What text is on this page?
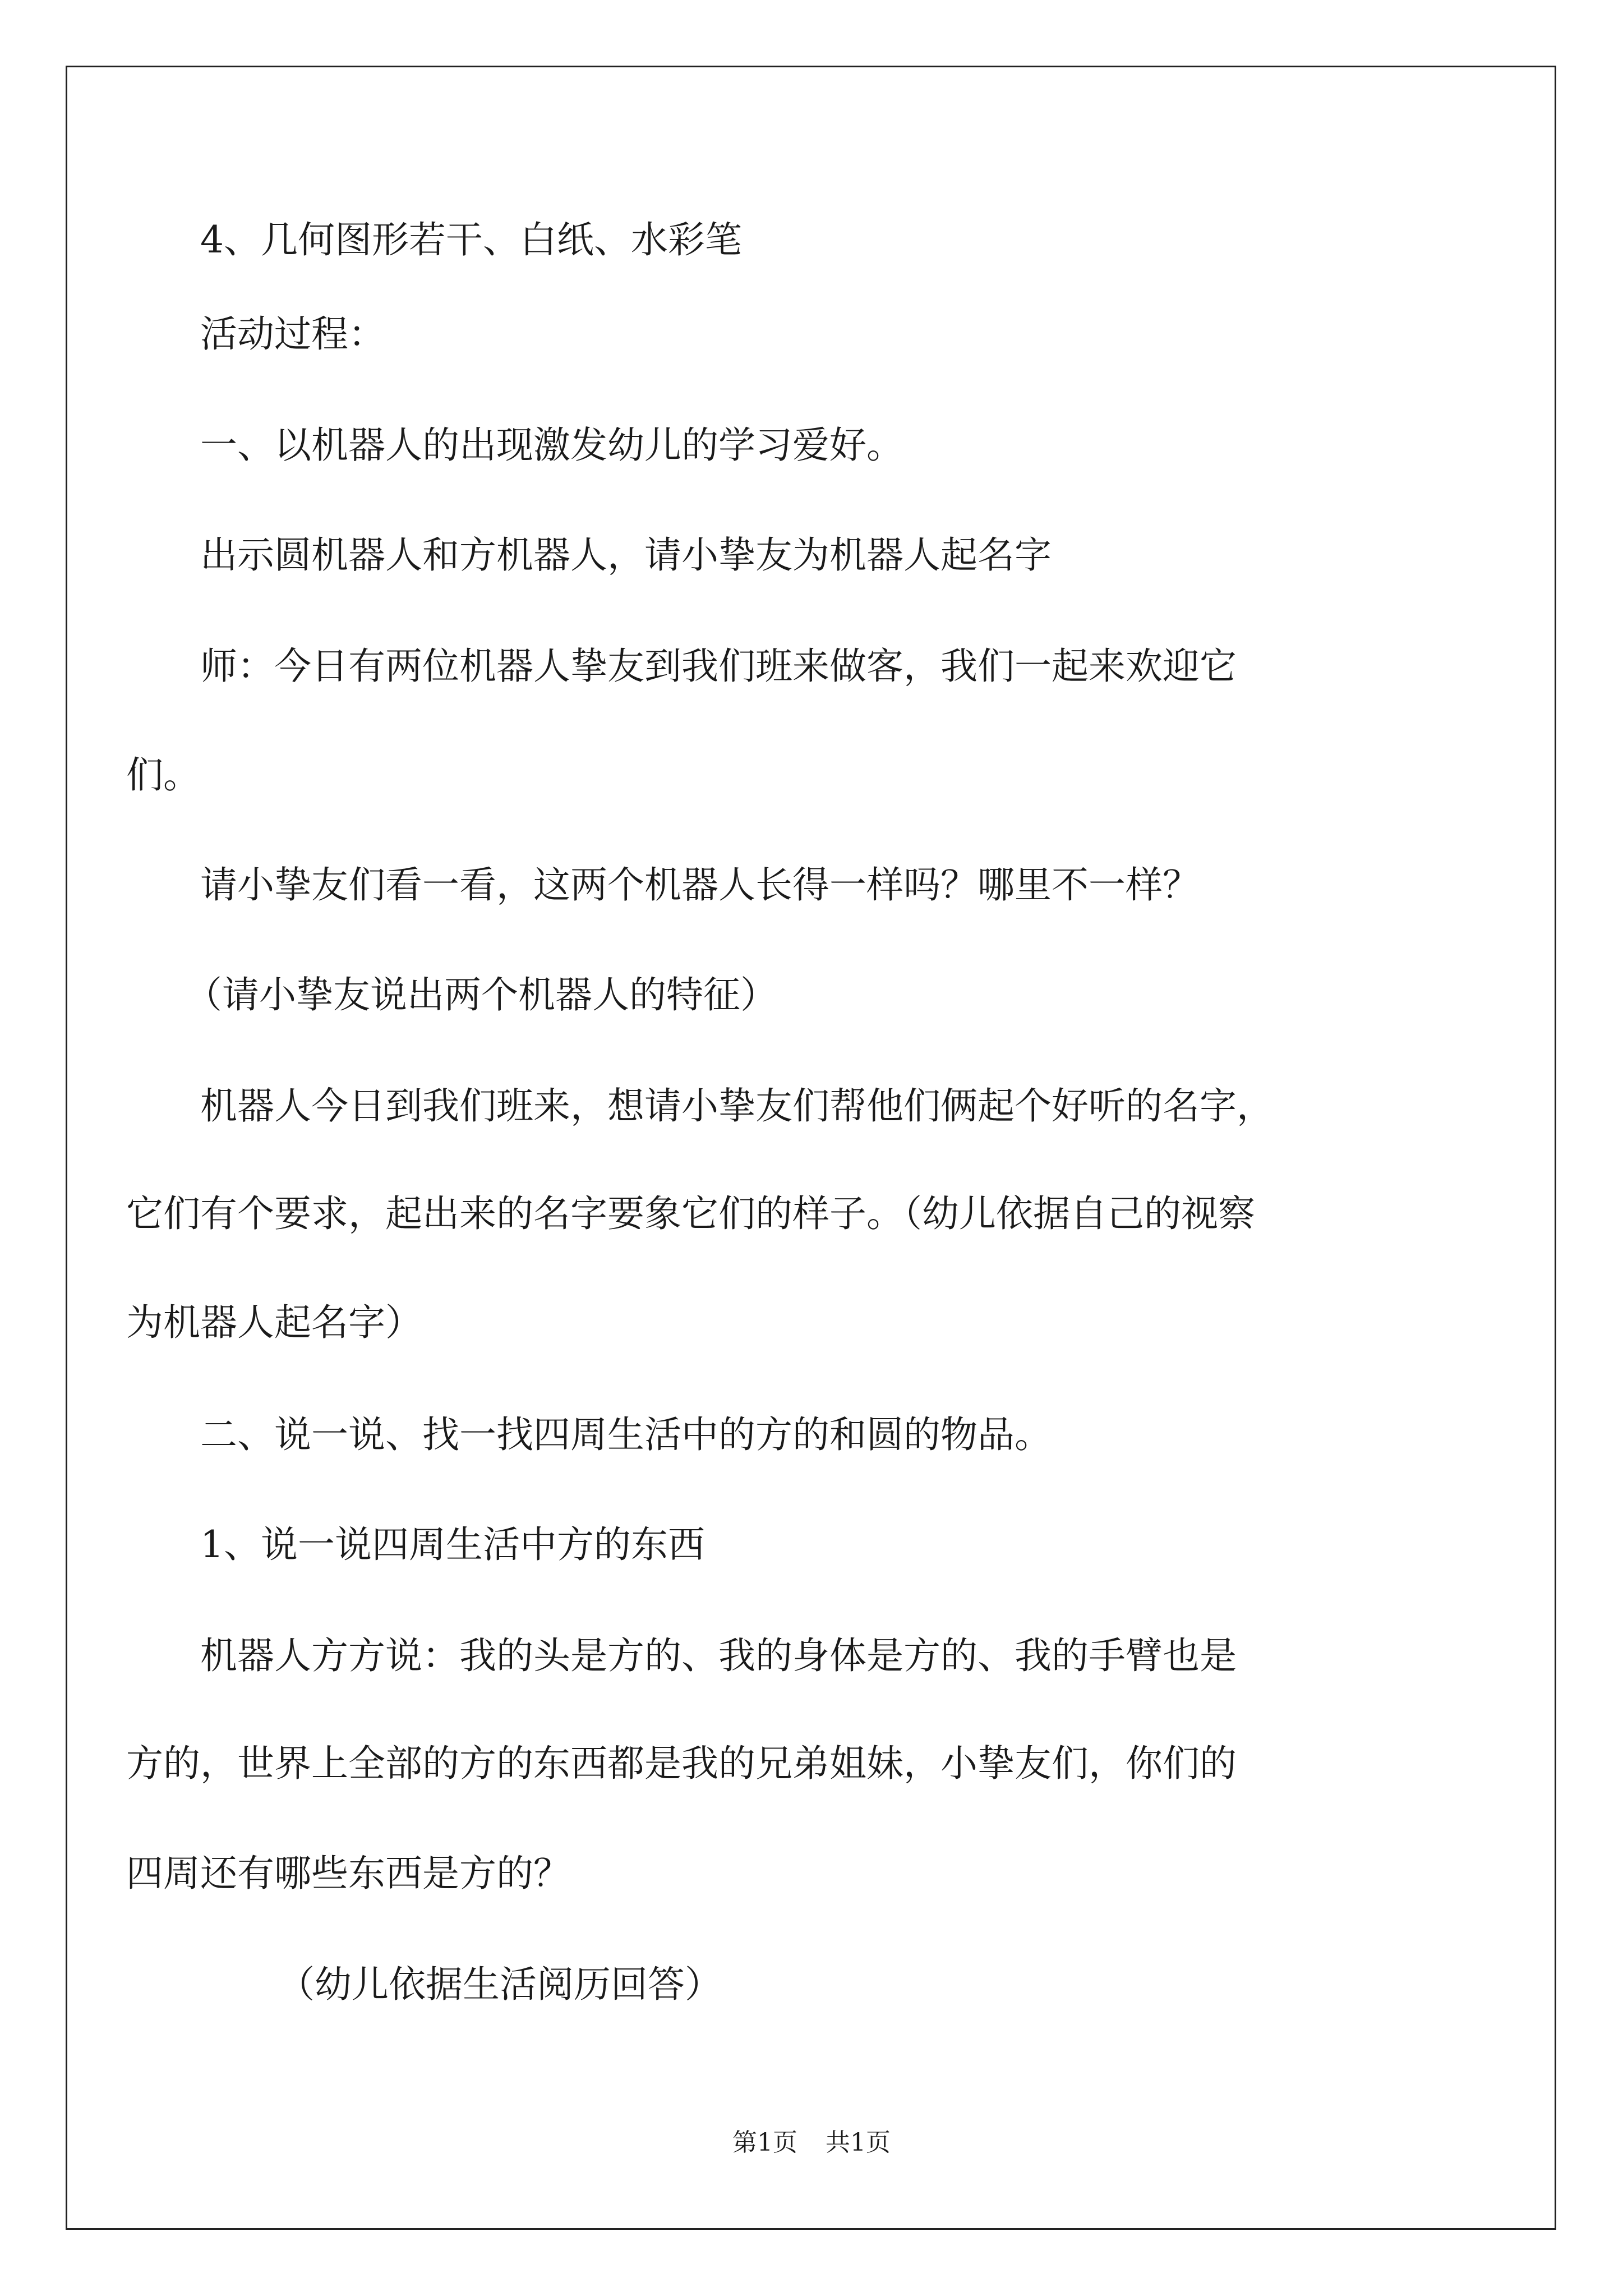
4、几何图形若干、白纸、水彩笔

活动过程：
一、以机器人的出现激发幼儿的学习爱好。
出示圆机器人和方机器人，请小挚友为机器人起名字
师：今日有两位机器人挚友到我们班来做客，我们一起来欢迎它
们。
请小挚友们看一看，这两个机器人长得一样吗？哪里不一样？
（请小挚友说出两个机器人的特征）
机器人今日到我们班来，想请小挚友们帮他们俩起个好听的名字，
它们有个要求，起出来的名字要象它们的样子。（幼儿依据自己的视察
为机器人起名字）
二、说一说、找一找四周生活中的方的和圆的物品。
1、说一说四周生活中方的东西
机器人方方说：我的头是方的、我的身体是方的、我的手臂也是
方的，世界上全部的方的东西都是我的兄弟姐妹，小挚友们，你们的
四周还有哪些东西是方的？
（幼儿依据生活阅历回答）
第1页 共1页
